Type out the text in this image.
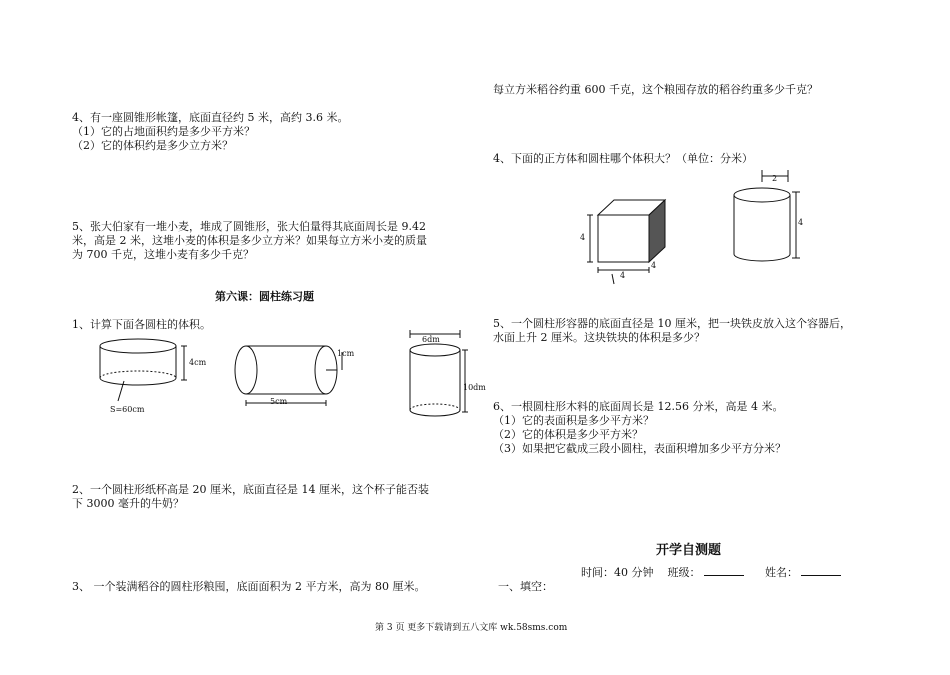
4、有一座圆锥形帐篷，底面直径约 5 米，高约 3.6 米。
（1）它的占地面积约是多少平方米？
（2）它的体积约是多少立方米？
5、张大伯家有一堆小麦，堆成了圆锥形，张大伯量得其底面周长是 9.42
米，高是 2 米，这堆小麦的体积是多少立方米？如果每立方米小麦的质量
为 700 千克，这堆小麦有多少千克？
第六课：圆柱练习题
1、计算下面各圆柱的体积。
4cm
S=60cm
1cm
5cm
6dm
10dm
2、一个圆柱形纸杯高是 20 厘米，底面直径是 14 厘米，这个杯子能否装
下 3000 毫升的牛奶？
3、 一个装满稻谷的圆柱形粮囤，底面面积为 2 平方米，高为 80 厘米。
每立方米稻谷约重 600 千克，这个粮囤存放的稻谷约重多少千克？
4、下面的正方体和圆柱哪个体积大？（单位：分米）
4
4
4
2
4
5、一个圆柱形容器的底面直径是 10 厘米，把一块铁皮放入这个容器后，
水面上升 2 厘米。这块铁块的体积是多少？
6、一根圆柱形木料的底面周长是 12.56 分米，高是 4 米。
（1）它的表面积是多少平方米？
（2）它的体积是多少平方米？
（3）如果把它截成三段小圆柱，表面积增加多少平方分米？
开学自测题
时间：40 分钟 班级：	姓名：
一、填空：
第 3 页 更多下载请到五八文库 wk.58sms.com
